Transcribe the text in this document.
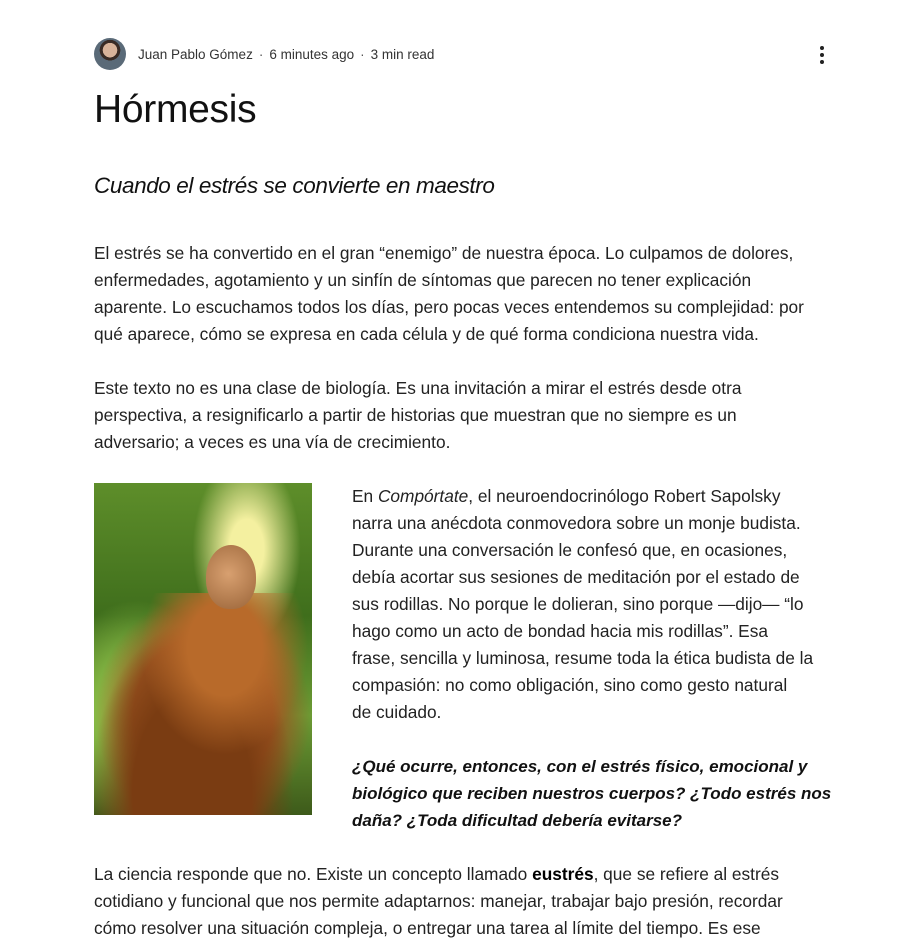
Juan Pablo Gómez · 6 minutes ago · 3 min read
Hórmesis
Cuando el estrés se convierte en maestro
El estrés se ha convertido en el gran “enemigo” de nuestra época. Lo culpamos de dolores,
enfermedades, agotamiento y un sinfín de síntomas que parecen no tener explicación
aparente. Lo escuchamos todos los días, pero pocas veces entendemos su complejidad: por
qué aparece, cómo se expresa en cada célula y de qué forma condiciona nuestra vida.
Este texto no es una clase de biología. Es una invitación a mirar el estrés desde otra
perspectiva, a resignificarlo a partir de historias que muestran que no siempre es un
adversario; a veces es una vía de crecimiento.
En Compórtate, el neuroendocrinólogo Robert Sapolsky
narra una anécdota conmovedora sobre un monje budista.
Durante una conversación le confesó que, en ocasiones,
debía acortar sus sesiones de meditación por el estado de
sus rodillas. No porque le dolieran, sino porque —dijo— “lo
hago como un acto de bondad hacia mis rodillas”. Esa
frase, sencilla y luminosa, resume toda la ética budista de la
compasión: no como obligación, sino como gesto natural
de cuidado.
¿Qué ocurre, entonces, con el estrés físico, emocional y
biológico que reciben nuestros cuerpos? ¿Todo estrés nos
daña? ¿Toda dificultad debería evitarse?
La ciencia responde que no. Existe un concepto llamado eustrés, que se refiere al estrés
cotidiano y funcional que nos permite adaptarnos: manejar, trabajar bajo presión, recordar
cómo resolver una situación compleja, o entregar una tarea al límite del tiempo. Es ese
